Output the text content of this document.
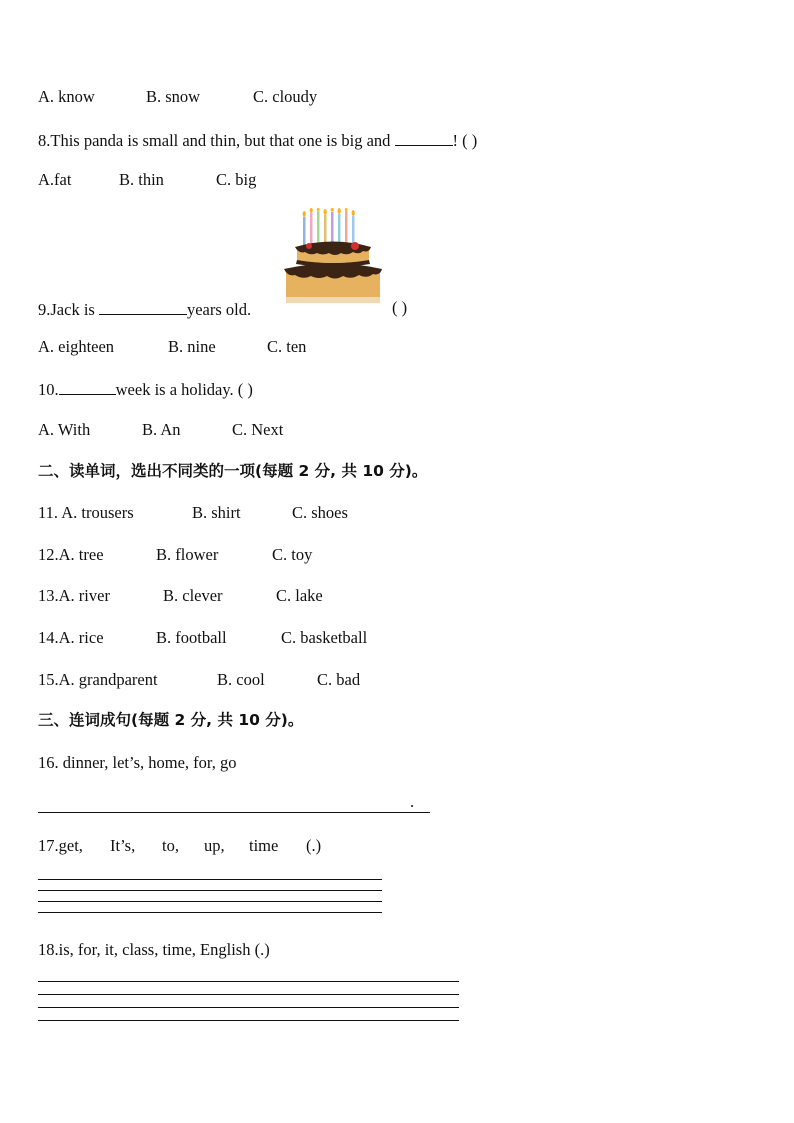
A. know	B. snow	C. cloudy
8.This panda is small and thin, but that one is big and	! ( )
A.fat	B. thin	C. big
9.Jack is	years old.	( )
A. eighteen	B. nine	C. ten
10.	week is a holiday. ( )
A. With	B. An	C. Next
二、读单词，选出不同类的一项(每题 2 分, 共 10 分)。
11. A. trousers	B. shirt	C. shoes
12.A. tree	B. flower	C. toy
13.A. river	B. clever	C. lake
14.A. rice	B. football	C. basketball
15.A. grandparent	B. cool	C. bad
三、连词成句(每题 2 分, 共 10 分)。
16. dinner, let’s, home, for, go
.
17.get, It’s, to, up, time (.)
18.is, for, it, class, time, English (.)
